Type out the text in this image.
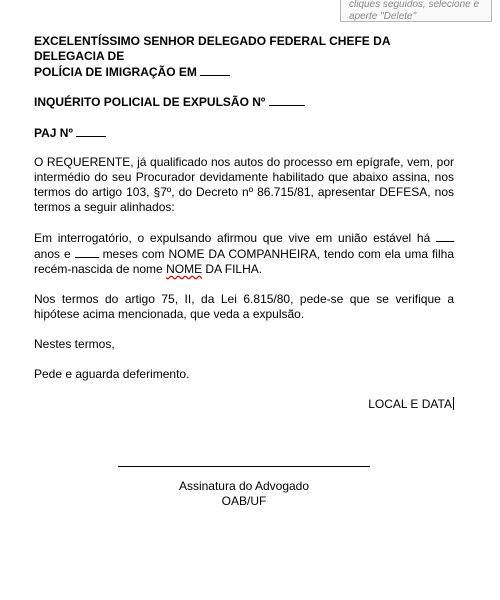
cliques seguidos, selecione e
aperte "Delete"

EXCELENTÍSSIMO SENHOR DELEGADO FEDERAL CHEFE DA DELEGACIA DE
POLÍCIA DE IMIGRAÇÃO EM

INQUÉRITO POLICIAL DE EXPULSÃO Nº

PAJ Nº

O REQUERENTE, já qualificado nos autos do processo em epígrafe, vem, por intermédio do seu Procurador devidamente habilitado que abaixo assina, nos termos do artigo 103, §7º, do Decreto nº 86.715/81, apresentar DEFESA, nos termos a seguir alinhados:

Em interrogatório, o expulsando afirmou que vive em união estável há  anos e	meses com NOME DA COMPANHEIRA, tendo com ela uma filha recém-nascida de nome NOME DA FILHA.

Nos termos do artigo 75, II, da Lei 6.815/80, pede-se que se verifique a hipótese acima mencionada, que veda a expulsão.

Nestes termos,

Pede e aguarda deferimento.

LOCAL E DATA

Assinatura do Advogado
OAB/UF
